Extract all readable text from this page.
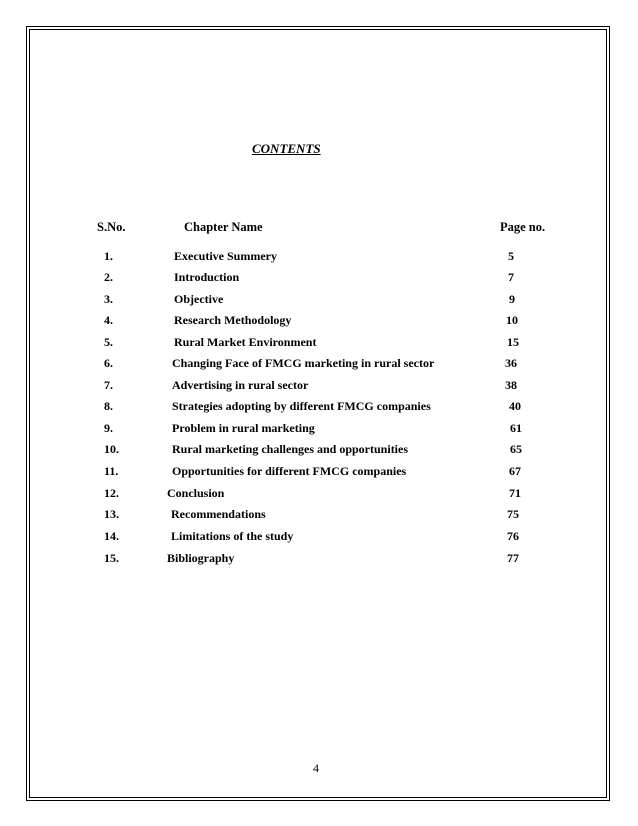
CONTENTS
S.No.	Chapter Name	Page no.
1.	Executive Summery	5
2.	Introduction	7
3.	Objective	9
4.	Research Methodology	10
5.	Rural Market Environment	15
6.	Changing Face of FMCG marketing in rural sector	36
7.	Advertising in rural sector	38
8.	Strategies adopting by different FMCG companies	40
9.	Problem in rural marketing	61
10.	Rural marketing challenges and opportunities	65
11.	Opportunities for different FMCG companies	67
12.	Conclusion	71
13.	Recommendations	75
14.	Limitations of the study	76
15.	Bibliography	77
4
